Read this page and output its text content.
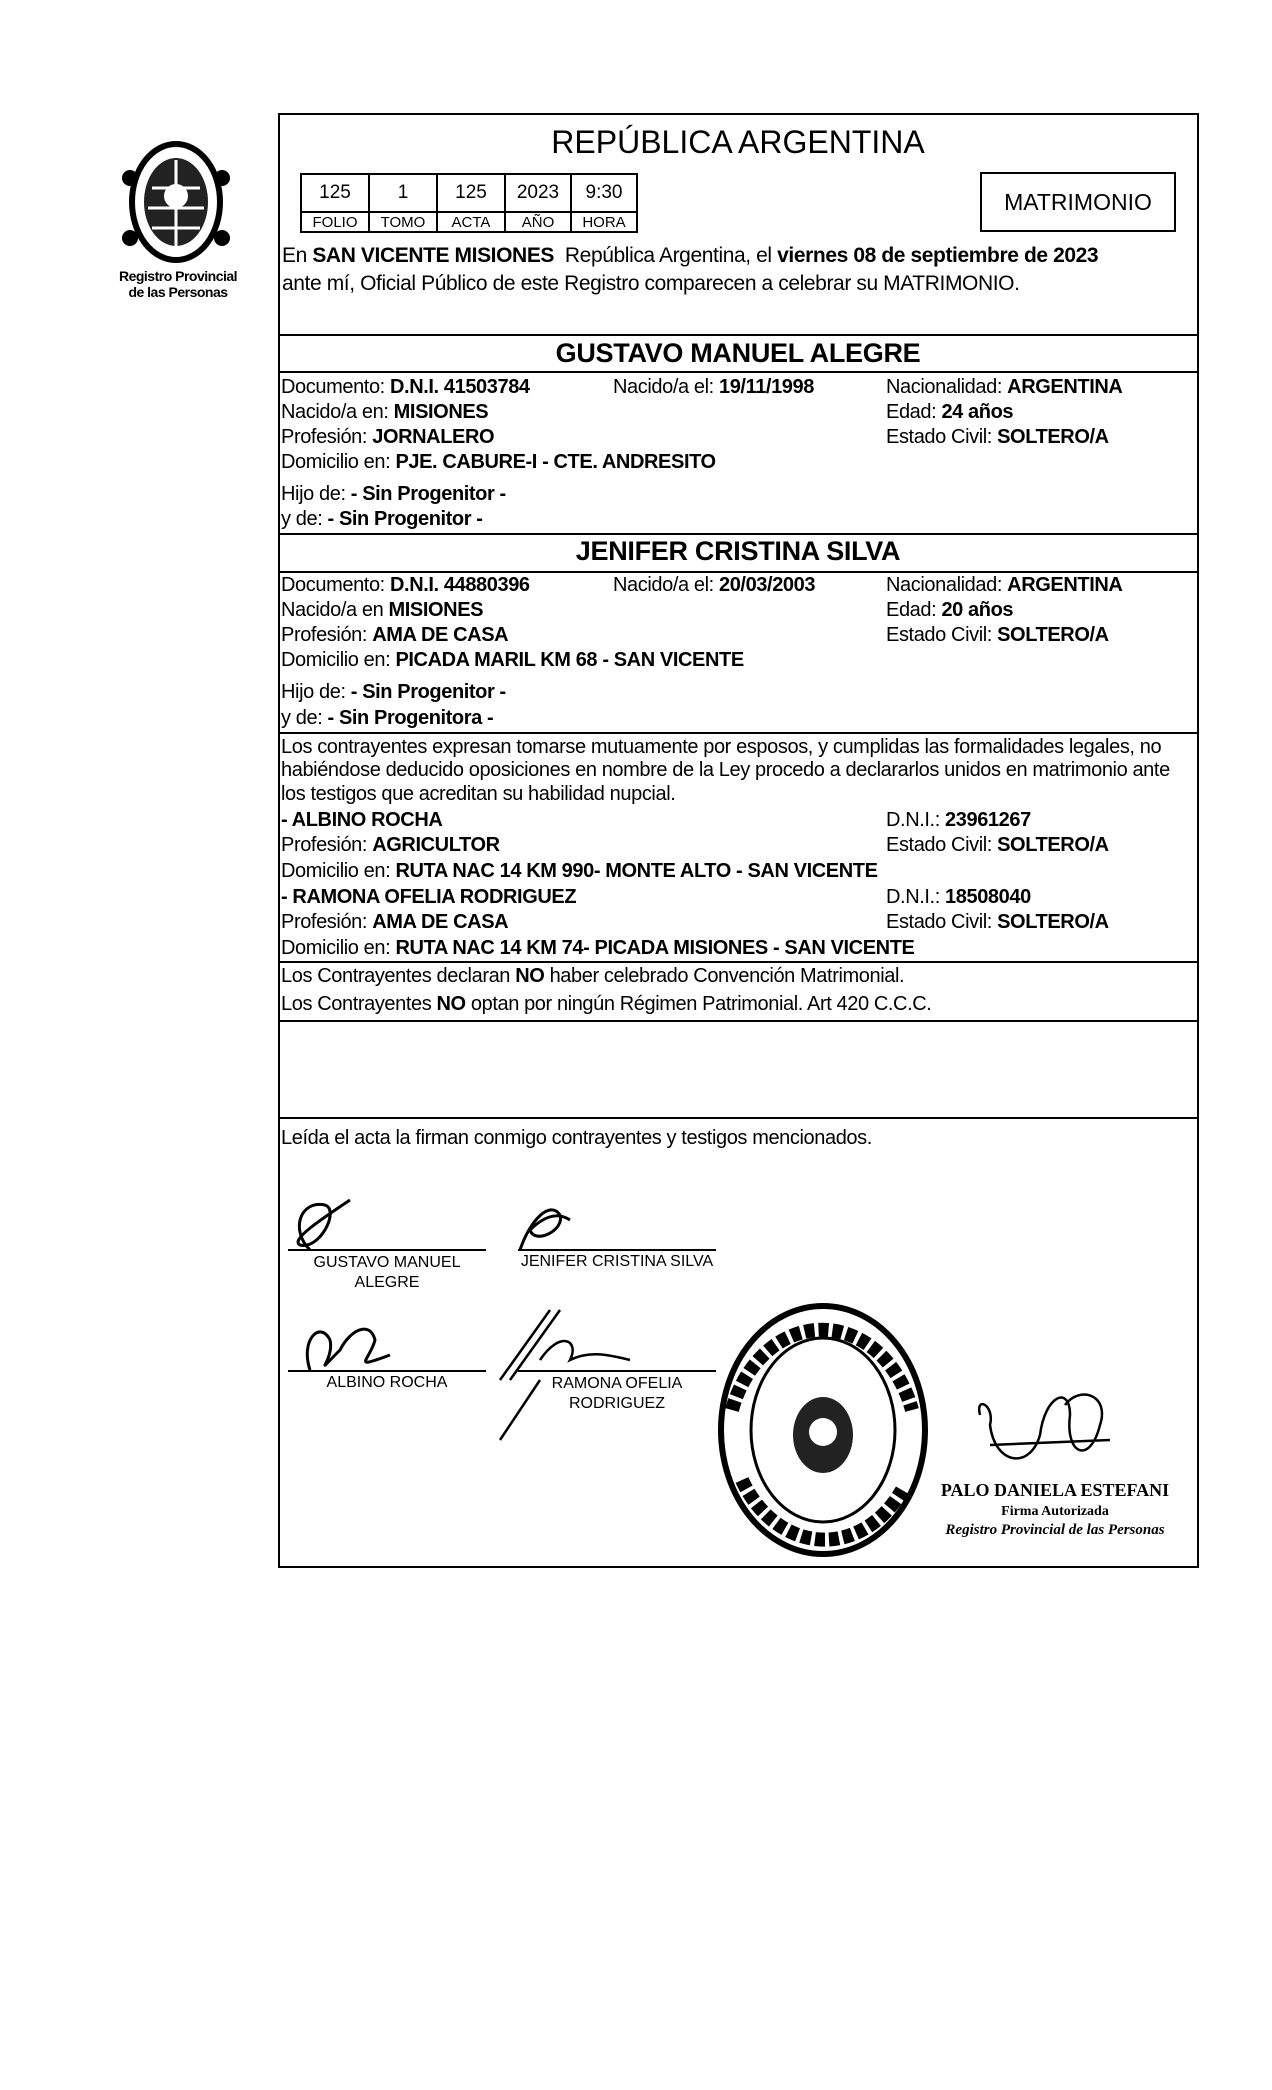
Registro Provincial
de las Personas
REPÚBLICA ARGENTINA
125	1	125	2023	9:30
FOLIO	TOMO	ACTA	AÑO	HORA
MATRIMONIO
En SAN VICENTE MISIONES  República Argentina, el viernes 08 de septiembre de 2023
ante mí, Oficial Público de este Registro comparecen a celebrar su MATRIMONIO.
GUSTAVO MANUEL ALEGRE
Documento: D.N.I. 41503784	Nacido/a el: 19/11/1998	Nacionalidad: ARGENTINA
Nacido/a en: MISIONES	Edad: 24 años
Profesión: JORNALERO	Estado Civil: SOLTERO/A
Domicilio en: PJE. CABURE-I - CTE. ANDRESITO
Hijo de: - Sin Progenitor -
y de: - Sin Progenitor -
JENIFER CRISTINA SILVA
Documento: D.N.I. 44880396	Nacido/a el: 20/03/2003	Nacionalidad: ARGENTINA
Nacido/a en MISIONES	Edad: 20 años
Profesión: AMA DE CASA	Estado Civil: SOLTERO/A
Domicilio en: PICADA MARIL KM 68 - SAN VICENTE
Hijo de: - Sin Progenitor -
y de: - Sin Progenitora -
Los contrayentes expresan tomarse mutuamente por esposos, y cumplidas las formalidades legales, no
habiéndose deducido oposiciones en nombre de la Ley procedo a declararlos unidos en matrimonio ante
los testigos que acreditan su habilidad nupcial.
- ALBINO ROCHA	D.N.I.: 23961267
Profesión: AGRICULTOR	Estado Civil: SOLTERO/A
Domicilio en: RUTA NAC 14 KM 990- MONTE ALTO - SAN VICENTE
- RAMONA OFELIA RODRIGUEZ	D.N.I.: 18508040
Profesión: AMA DE CASA	Estado Civil: SOLTERO/A
Domicilio en: RUTA NAC 14 KM 74- PICADA MISIONES - SAN VICENTE
Los Contrayentes declaran NO haber celebrado Convención Matrimonial.
Los Contrayentes NO optan por ningún Régimen Patrimonial. Art 420 C.C.C.
Leída el acta la firman conmigo contrayentes y testigos mencionados.
GUSTAVO MANUEL
ALEGRE
JENIFER CRISTINA SILVA
ALBINO ROCHA	RAMONA OFELIA
RODRIGUEZ
PALO DANIELA ESTEFANI
Firma Autorizada
Registro Provincial de las Personas
